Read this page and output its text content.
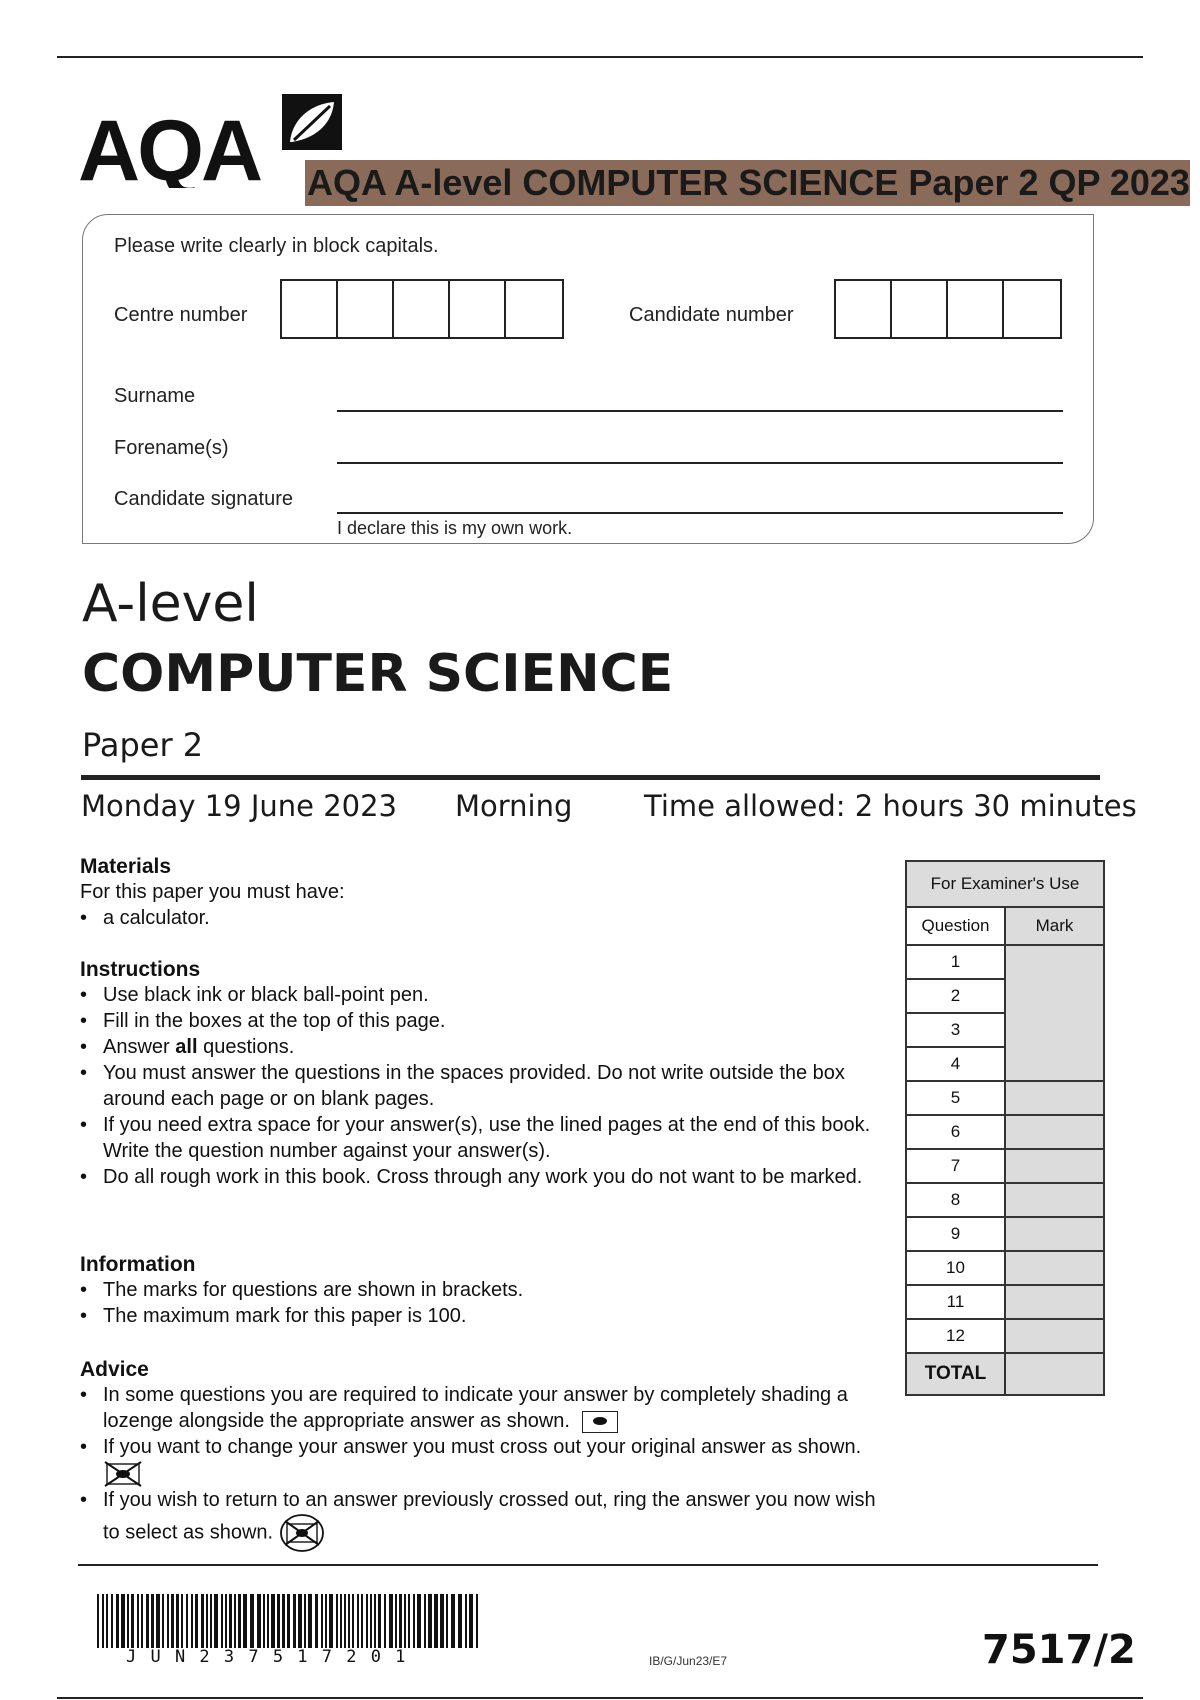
AQA AQA A-level COMPUTER SCIENCE Paper 2 QP 2023
Please write clearly in block capitals.
Centre number	Candidate number
Surname
Forename(s)
Candidate signature
I declare this is my own work.
A-level
COMPUTER SCIENCE
Paper 2
Monday 19 June 2023 Morning Time allowed: 2 hours 30 minutes
Materials
For this paper you must have:
• a calculator.
Instructions
• Use black ink or black ball-point pen.
• Fill in the boxes at the top of this page.
• Answer all questions.
• You must answer the questions in the spaces provided. Do not write outside the box around each page or on blank pages.
• If you need extra space for your answer(s), use the lined pages at the end of this book. Write the question number against your answer(s).
• Do all rough work in this book. Cross through any work you do not want to be marked.
Information
• The marks for questions are shown in brackets.
• The maximum mark for this paper is 100.
Advice
• In some questions you are required to indicate your answer by completely shading a lozenge alongside the appropriate answer as shown.
• If you want to change your answer you must cross out your original answer as shown.
• If you wish to return to an answer previously crossed out, ring the answer you now wish to select as shown.
For Examiner's Use	
Question	Mark
1	
2	
3	
4	
5	
6	
7	
8	
9	
10	
11	
12	
TOTAL	
J U N 2 3 7 5 1 7 2 0 1	IB/G/Jun23/E7	7517/2
